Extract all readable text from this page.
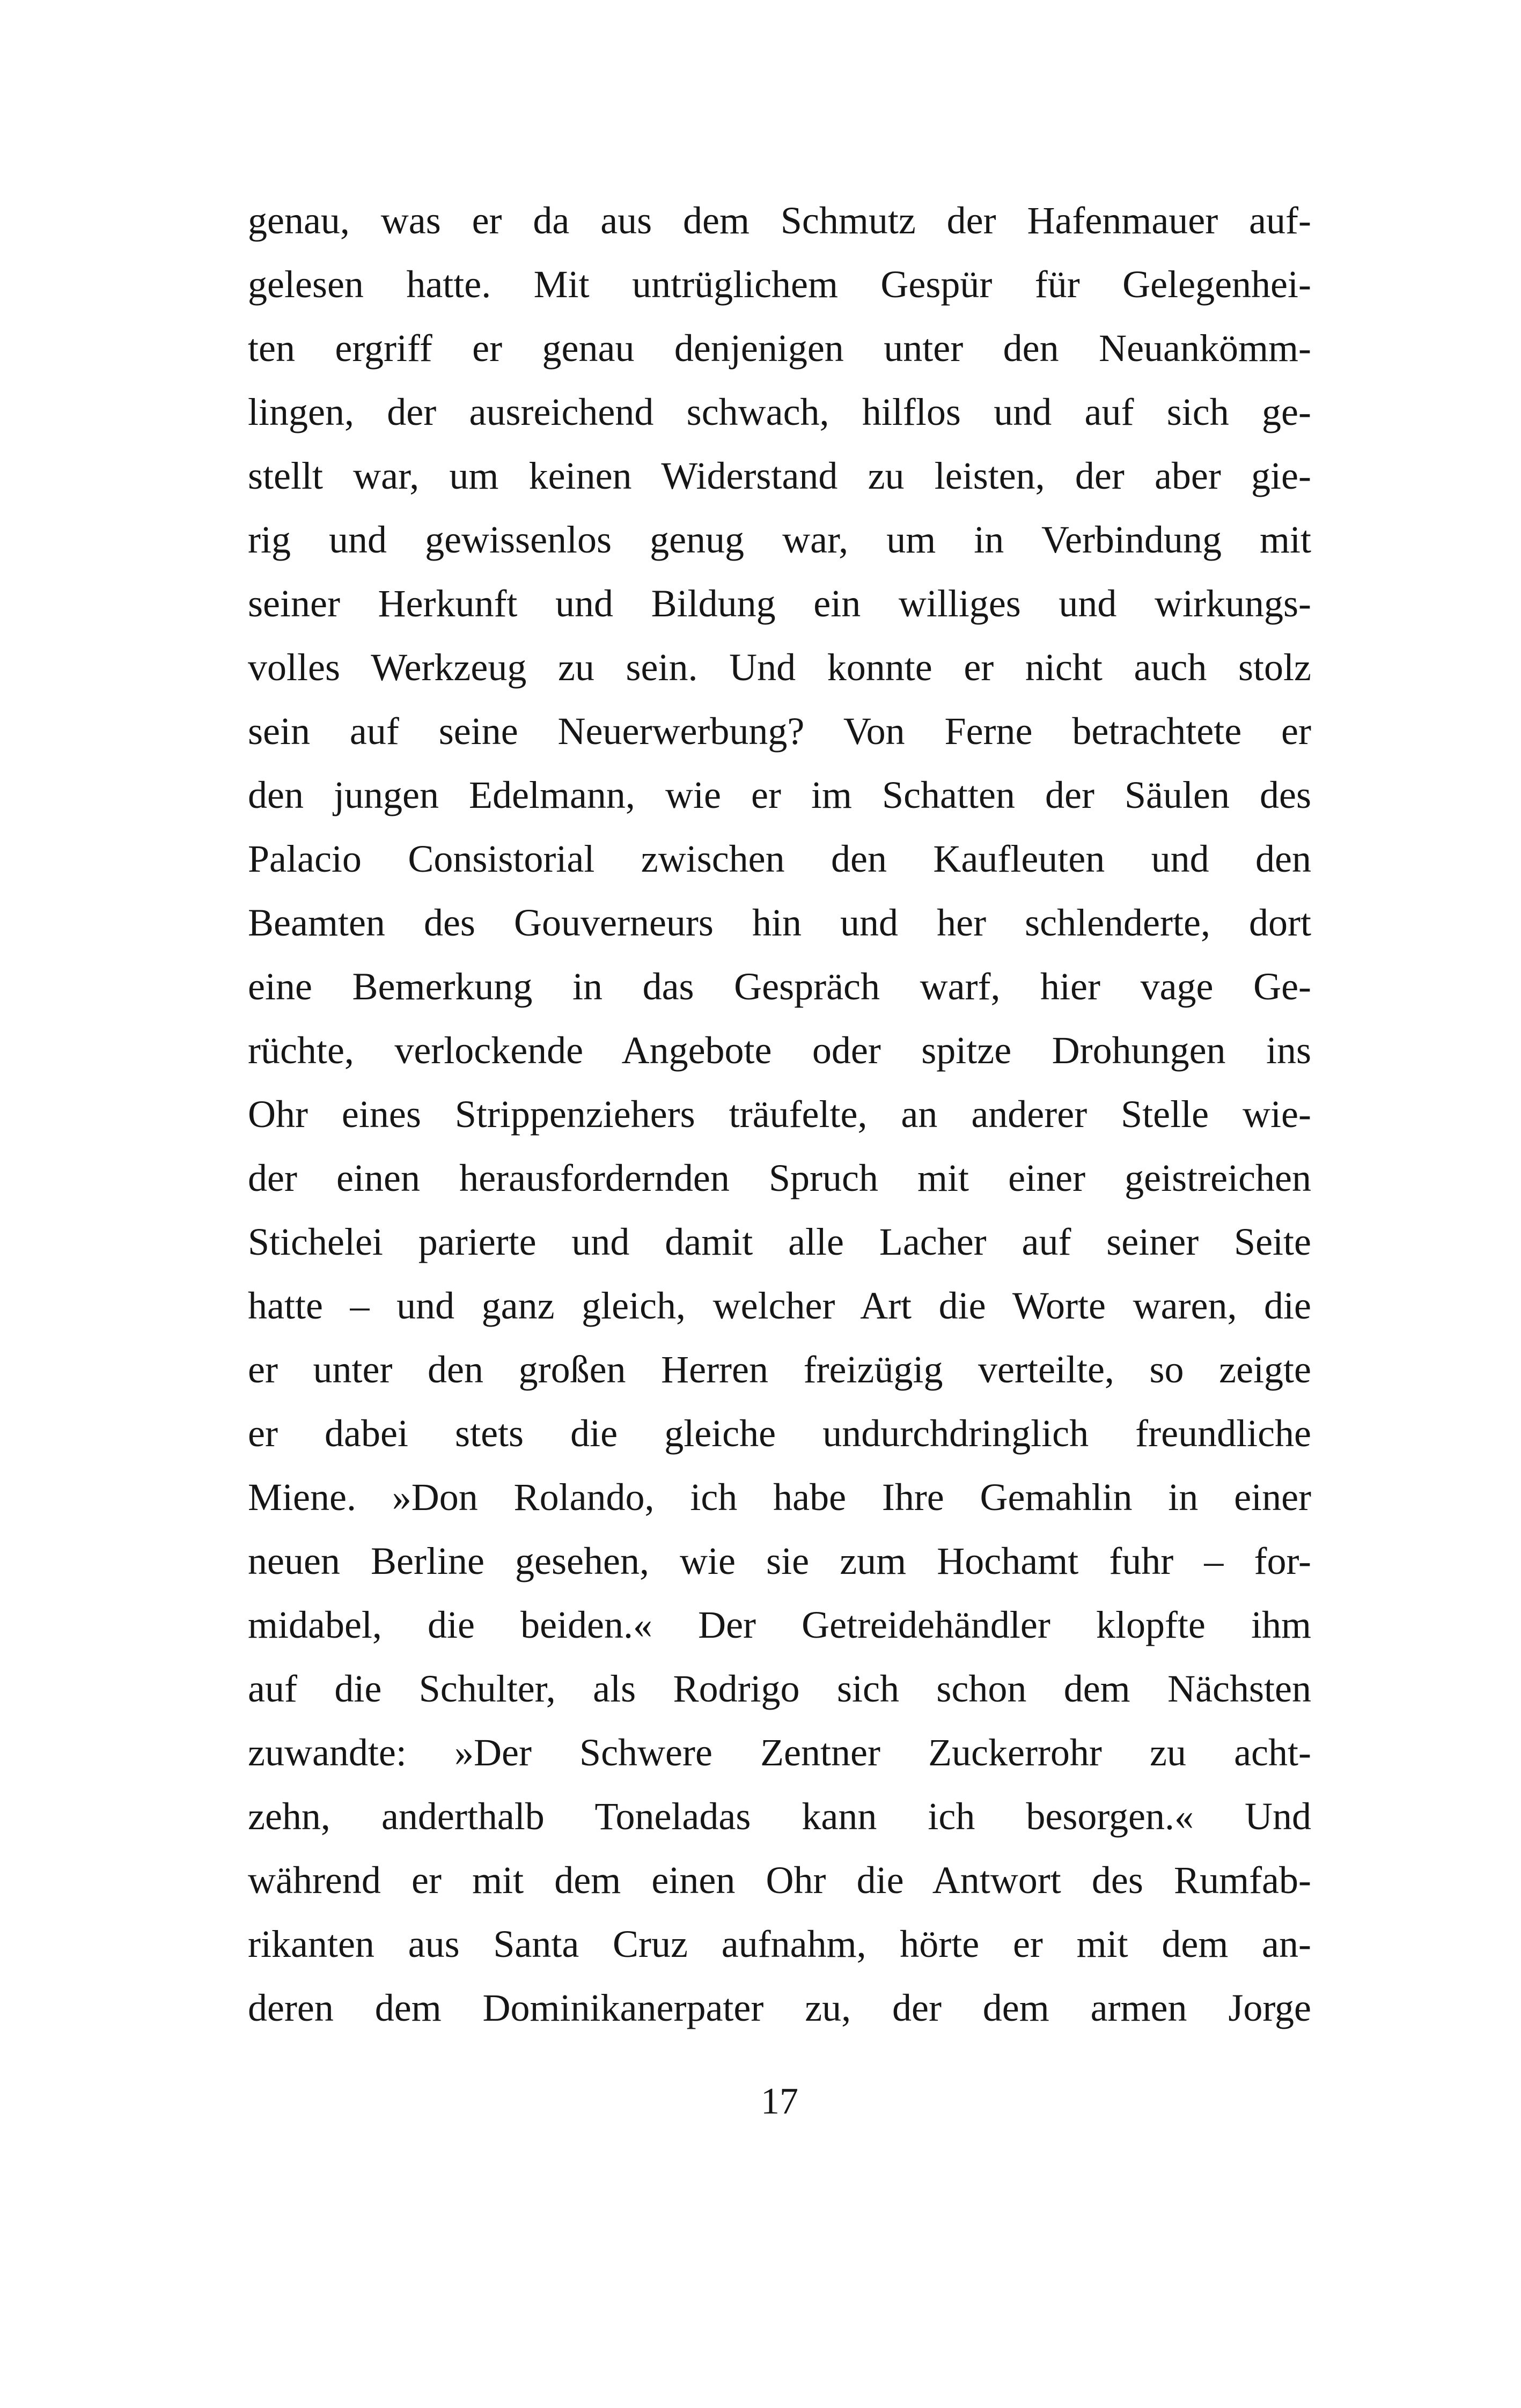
genau, was er da aus dem Schmutz der Hafenmauer auf-
gelesen hatte. Mit untrüglichem Gespür für Gelegenhei-
ten ergriff er genau denjenigen unter den Neuankömm-
lingen, der ausreichend schwach, hilflos und auf sich ge-
stellt war, um keinen Widerstand zu leisten, der aber gie-
rig und gewissenlos genug war, um in Verbindung mit
seiner Herkunft und Bildung ein williges und wirkungs-
volles Werkzeug zu sein. Und konnte er nicht auch stolz
sein auf seine Neuerwerbung? Von Ferne betrachtete er
den jungen Edelmann, wie er im Schatten der Säulen des
Palacio Consistorial zwischen den Kaufleuten und den
Beamten des Gouverneurs hin und her schlenderte, dort
eine Bemerkung in das Gespräch warf, hier vage Ge-
rüchte, verlockende Angebote oder spitze Drohungen ins
Ohr eines Strippenziehers träufelte, an anderer Stelle wie-
der einen herausfordernden Spruch mit einer geistreichen
Stichelei parierte und damit alle Lacher auf seiner Seite
hatte – und ganz gleich, welcher Art die Worte waren, die
er unter den großen Herren freizügig verteilte, so zeigte
er dabei stets die gleiche undurchdringlich freundliche
Miene. »Don Rolando, ich habe Ihre Gemahlin in einer
neuen Berline gesehen, wie sie zum Hochamt fuhr – for-
midabel, die beiden.« Der Getreidehändler klopfte ihm
auf die Schulter, als Rodrigo sich schon dem Nächsten
zuwandte: »Der Schwere Zentner Zuckerrohr zu acht-
zehn, anderthalb Toneladas kann ich besorgen.« Und
während er mit dem einen Ohr die Antwort des Rumfab-
rikanten aus Santa Cruz aufnahm, hörte er mit dem an-
deren dem Dominikanerpater zu, der dem armen Jorge
17
